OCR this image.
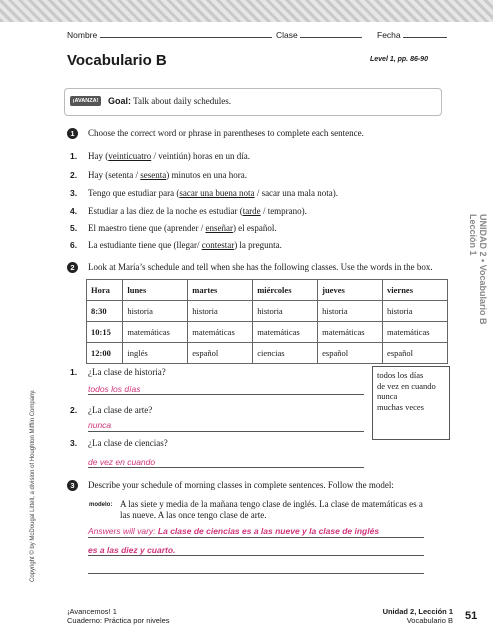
Nombre	Clase	Fecha
Vocabulario B	Level 1, pp. 86-90
¡AVANZA! Goal: Talk about daily schedules.
1	Choose the correct word or phrase in parentheses to complete each sentence.
1. Hay (veinticuatro / veintiún) horas en un día.
2. Hay (setenta / sesenta) minutos en una hora.
3. Tengo que estudiar para (sacar una buena nota / sacar una mala nota).
4. Estudiar a las diez de la noche es estudiar (tarde / temprano).
5. El maestro tiene que (aprender / enseñar) el español.
6. La estudiante tiene que (llegar/ contestar) la pregunta.
2	Look at María’s schedule and tell when she has the following classes. Use the words in the box.
Hora	lunes	martes	miércoles	jueves	viernes
8:30	historia	historia	historia	historia	historia
10:15	matemáticas	matemáticas	matemáticas	matemáticas	matemáticas
12:00	inglés	español	ciencias	español	español
1. ¿La clase de historia?
todos los días
2. ¿La clase de arte?
nunca
3. ¿La clase de ciencias?
de vez en cuando
todos los días
de vez en cuando
nunca
muchas veces
3	Describe your schedule of morning classes in complete sentences. Follow the model:
modelo: A las siete y media de la mañana tengo clase de inglés. La clase de matemáticas es a las nueve. A las once tengo clase de arte.
Answers will vary: La clase de ciencias es a las nueve y la clase de inglés
es a las diez y cuarto.
UNIDAD 2 • Vocabulario B
Lección 1
Copyright © by McDougal Littell, a division of Houghton Mifflin Company.
¡Avancemos! 1
Cuaderno: Práctica por niveles
Unidad 2, Lección 1
Vocabulario B 51
